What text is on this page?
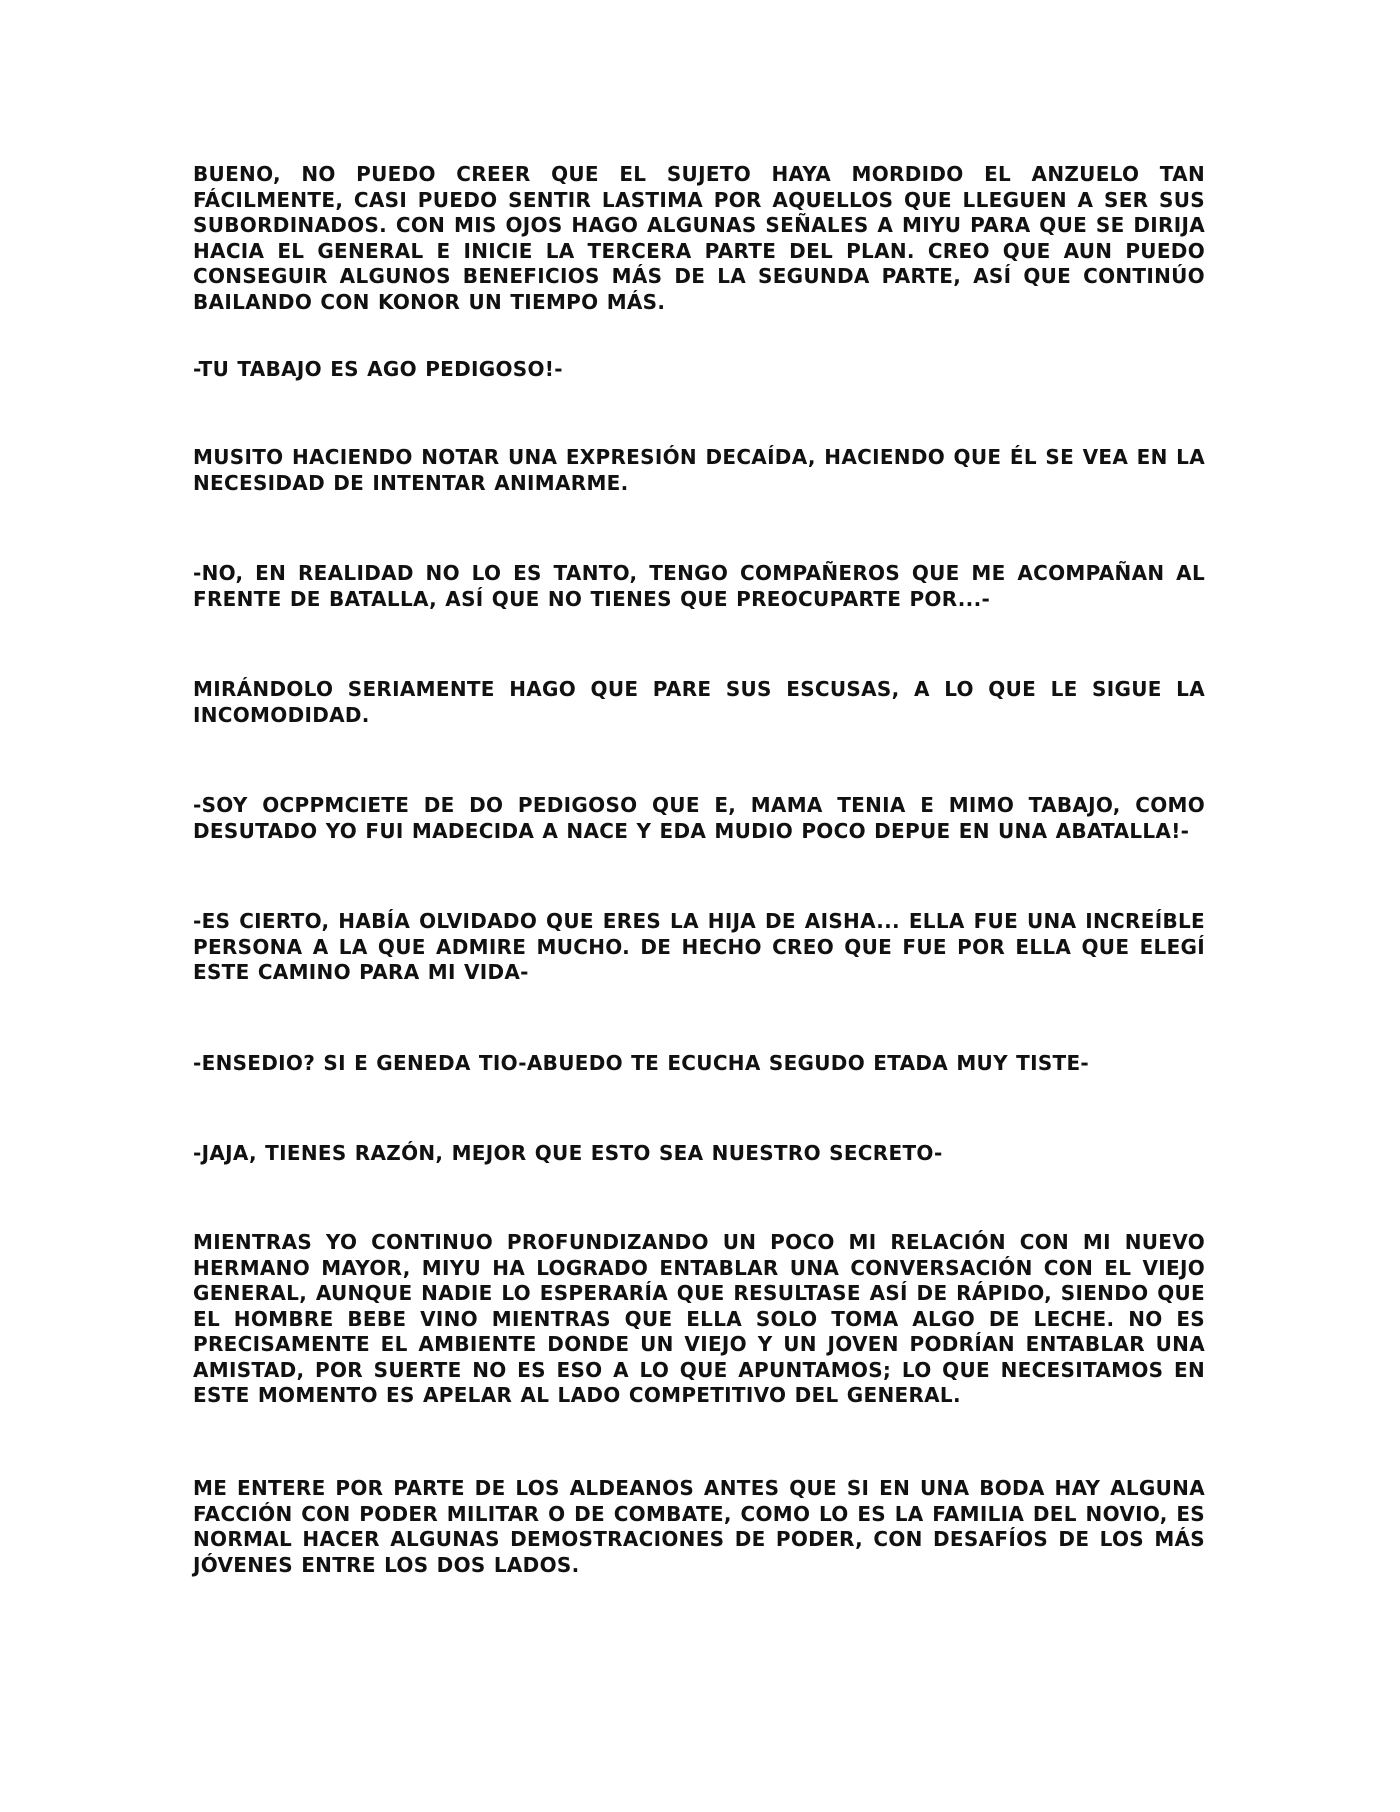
BUENO, NO PUEDO CREER QUE EL SUJETO HAYA MORDIDO EL ANZUELO TAN FÁCILMENTE, CASI PUEDO SENTIR LASTIMA POR AQUELLOS QUE LLEGUEN A SER SUS SUBORDINADOS. CON MIS OJOS HAGO ALGUNAS SEÑALES A MIYU PARA QUE SE DIRIJA HACIA EL GENERAL E INICIE LA TERCERA PARTE DEL PLAN. CREO QUE AUN PUEDO CONSEGUIR ALGUNOS BENEFICIOS MÁS DE LA SEGUNDA PARTE, ASÍ QUE CONTINÚO BAILANDO CON KONOR UN TIEMPO MÁS.

-TU TABAJO ES AGO PEDIGOSO!-

MUSITO HACIENDO NOTAR UNA EXPRESIÓN DECAÍDA, HACIENDO QUE ÉL SE VEA EN LA NECESIDAD DE INTENTAR ANIMARME.

-NO, EN REALIDAD NO LO ES TANTO, TENGO COMPAÑEROS QUE ME ACOMPAÑAN AL FRENTE DE BATALLA, ASÍ QUE NO TIENES QUE PREOCUPARTE POR...-

MIRÁNDOLO SERIAMENTE HAGO QUE PARE SUS ESCUSAS, A LO QUE LE SIGUE LA INCOMODIDAD.

-SOY OCPPMCIETE DE DO PEDIGOSO QUE E, MAMA TENIA E MIMO TABAJO, COMO DESUTADO YO FUI MADECIDA A NACE Y EDA MUDIO POCO DEPUE EN UNA ABATALLA!-

-ES CIERTO, HABÍA OLVIDADO QUE ERES LA HIJA DE AISHA... ELLA FUE UNA INCREÍBLE PERSONA A LA QUE ADMIRE MUCHO. DE HECHO CREO QUE FUE POR ELLA QUE ELEGÍ ESTE CAMINO PARA MI VIDA-

-ENSEDIO? SI E GENEDA TIO-ABUEDO TE ECUCHA SEGUDO ETADA MUY TISTE-

-JAJA, TIENES RAZÓN, MEJOR QUE ESTO SEA NUESTRO SECRETO-

MIENTRAS YO CONTINUO PROFUNDIZANDO UN POCO MI RELACIÓN CON MI NUEVO HERMANO MAYOR, MIYU HA LOGRADO ENTABLAR UNA CONVERSACIÓN CON EL VIEJO GENERAL, AUNQUE NADIE LO ESPERARÍA QUE RESULTASE ASÍ DE RÁPIDO, SIENDO QUE EL HOMBRE BEBE VINO MIENTRAS QUE ELLA SOLO TOMA ALGO DE LECHE. NO ES PRECISAMENTE EL AMBIENTE DONDE UN VIEJO Y UN JOVEN PODRÍAN ENTABLAR UNA AMISTAD, POR SUERTE NO ES ESO A LO QUE APUNTAMOS; LO QUE NECESITAMOS EN ESTE MOMENTO ES APELAR AL LADO COMPETITIVO DEL GENERAL.

ME ENTERE POR PARTE DE LOS ALDEANOS ANTES QUE SI EN UNA BODA HAY ALGUNA FACCIÓN CON PODER MILITAR O DE COMBATE, COMO LO ES LA FAMILIA DEL NOVIO, ES NORMAL HACER ALGUNAS DEMOSTRACIONES DE PODER, CON DESAFÍOS DE LOS MÁS JÓVENES ENTRE LOS DOS LADOS.
